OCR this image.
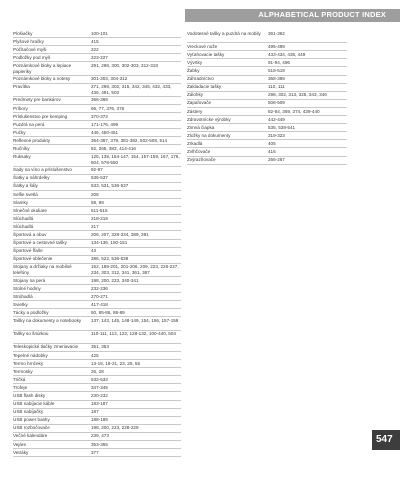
ALPHABETICAL PRODUCT INDEX
Plošiačky	100-101
Plyšové hračky	415
Počítačové myši	222
Podložky pod myš	223-227
Poznámkové bloky a lepiace papieriky
291, 298, 300, 302-303, 312-318
Poznámkové bloky a notesy	301-303, 304-312
Pravítka	271, 298, 302, 315, 342, 345, 432, 433, 436, 491, 503
Predmety pre bankárov	366-369
Príbory	66, 77, 376, 376
Príslušenstvo pre kemping	370-373
Puzdrá na perá	171-176, 499
Pučky	446, 450-451
Reflexné produkty	364-367, 379, 381-382, 502-508, 514
Ručníky	82, 265, 383, 414-416
Ruksaky	125, 139, 154-147, 154, 157-159, 167, 176, 504, 578-550
Sady na víno a príslušenstvo	92-97
Šatky a náhrdelky	536-537
Šatky a šály	533, 531, 536-537
Selfie svetlá	208
Slamky	58, 88
Slnečné okuliare	511-515
Slúchadlá	218-219
Slúchadlá	217
Športová a obuv	206, 207, 328-334, 389, 391
Športové a cestovné tašky	134-136, 150-151
Športové fľaše	43
Športové oblečenie	386, 522, 536-538
Stojany a držiaky na mobilné telefóny
152, 188-201, 201-206, 209, 223, 226-227, 234, 303, 312, 341, 361, 387
Stojany na perá	198, 200, 223, 340-341
Stolné hodiny	232-236
Strúhadlá	270-271
Svietky	417-418
Tácky a podložky	50, 85-86, 88-89
Tašky na dokumenty a notebooky	137, 143, 145, 148-149, 154, 156, 157-159
Tašky so šnúrkou	110-111, 113, 122, 128-132, 100-440, 504
Teleskopické tlačky zmeriavacie	351, 353
Tepelné nádobky	425
Termo hrnčeky	13-15, 18-21, 23, 25, 55
Termosky	26, 28
Tričká	532-533
Trofeje	347-349
USB flash disky	230-232
USB nabíjacie káble	183-187
USB nabíjačky	187
USB power banky	188-189
USB rozbočovače	198, 200, 223, 228-229
Večné kalendáre	239, 473
Vejáre	353-355
Vetráky	377
Vodotesné tašky a puzdrá na mobily	361-362
Vreckové nože	495-499
Vyťahovacie tašky	433-434, 435, 449
Vývrtky	91-94, 496
Žabky	518-519
Záhradníctvo	368-369
Zakladacie tašky	110, 111
Zálohky	298, 302, 313, 325, 343, 346
Zapaľovače	506-509
Zástery	82-84, 369, 374, 439-440
Zdravotnícke výrobky	442-449
Zimná čiapka	535, 538-541
Zložky na dokumenty	319-323
Zrkadlá	405
Zvlhčovače	416
Zvýrazňovače	266-267
547
